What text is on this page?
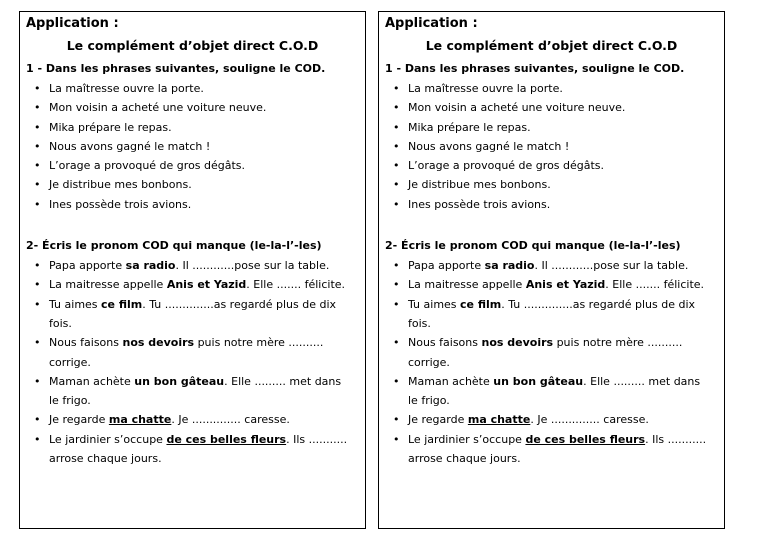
Application :

Le complément d’objet direct C.O.D

1 - Dans les phrases suivantes, souligne le COD.

• La maîtresse ouvre la porte.
• Mon voisin a acheté une voiture neuve.
• Mika prépare le repas.
• Nous avons gagné le match !
• L’orage a provoqué de gros dégâts.
• Je distribue mes bonbons.
• Ines possède trois avions.

2- Écris le pronom COD qui manque (le-la-l’-les)

• Papa apporte sa radio. Il ............pose sur la table.
• La maitresse appelle Anis et Yazid. Elle ....... félicite.
• Tu aimes ce film. Tu ..............as regardé plus de dix fois.
• Nous faisons nos devoirs puis notre mère .......... corrige.
• Maman achète un bon gâteau. Elle ......... met dans le frigo.
• Je regarde ma chatte. Je .............. caresse.
• Le jardinier s’occupe de ces belles fleurs. Ils ........... arrose chaque jours.

Application :

Le complément d’objet direct C.O.D

1 - Dans les phrases suivantes, souligne le COD.

• La maîtresse ouvre la porte.
• Mon voisin a acheté une voiture neuve.
• Mika prépare le repas.
• Nous avons gagné le match !
• L’orage a provoqué de gros dégâts.
• Je distribue mes bonbons.
• Ines possède trois avions.

2- Écris le pronom COD qui manque (le-la-l’-les)

• Papa apporte sa radio. Il ............pose sur la table.
• La maitresse appelle Anis et Yazid. Elle ....... félicite.
• Tu aimes ce film. Tu ..............as regardé plus de dix fois.
• Nous faisons nos devoirs puis notre mère .......... corrige.
• Maman achète un bon gâteau. Elle ......... met dans le frigo.
• Je regarde ma chatte. Je .............. caresse.
• Le jardinier s’occupe de ces belles fleurs. Ils ........... arrose chaque jours.
